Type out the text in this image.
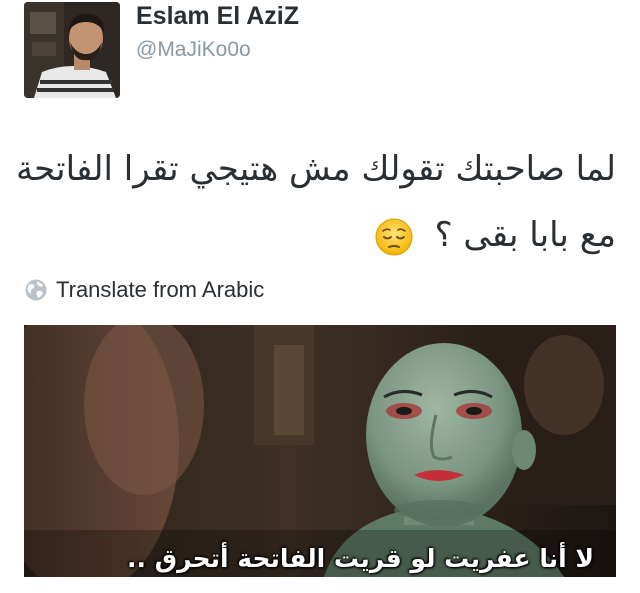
Eslam El AziZ
@MaJiKo0o
لما صاحبتك تقولك مش هتيجي تقرا الفاتحة
مع بابا بقى ؟
Translate from Arabic
لا أنا عفريت لو قريت الفاتحة أتحرق ..
